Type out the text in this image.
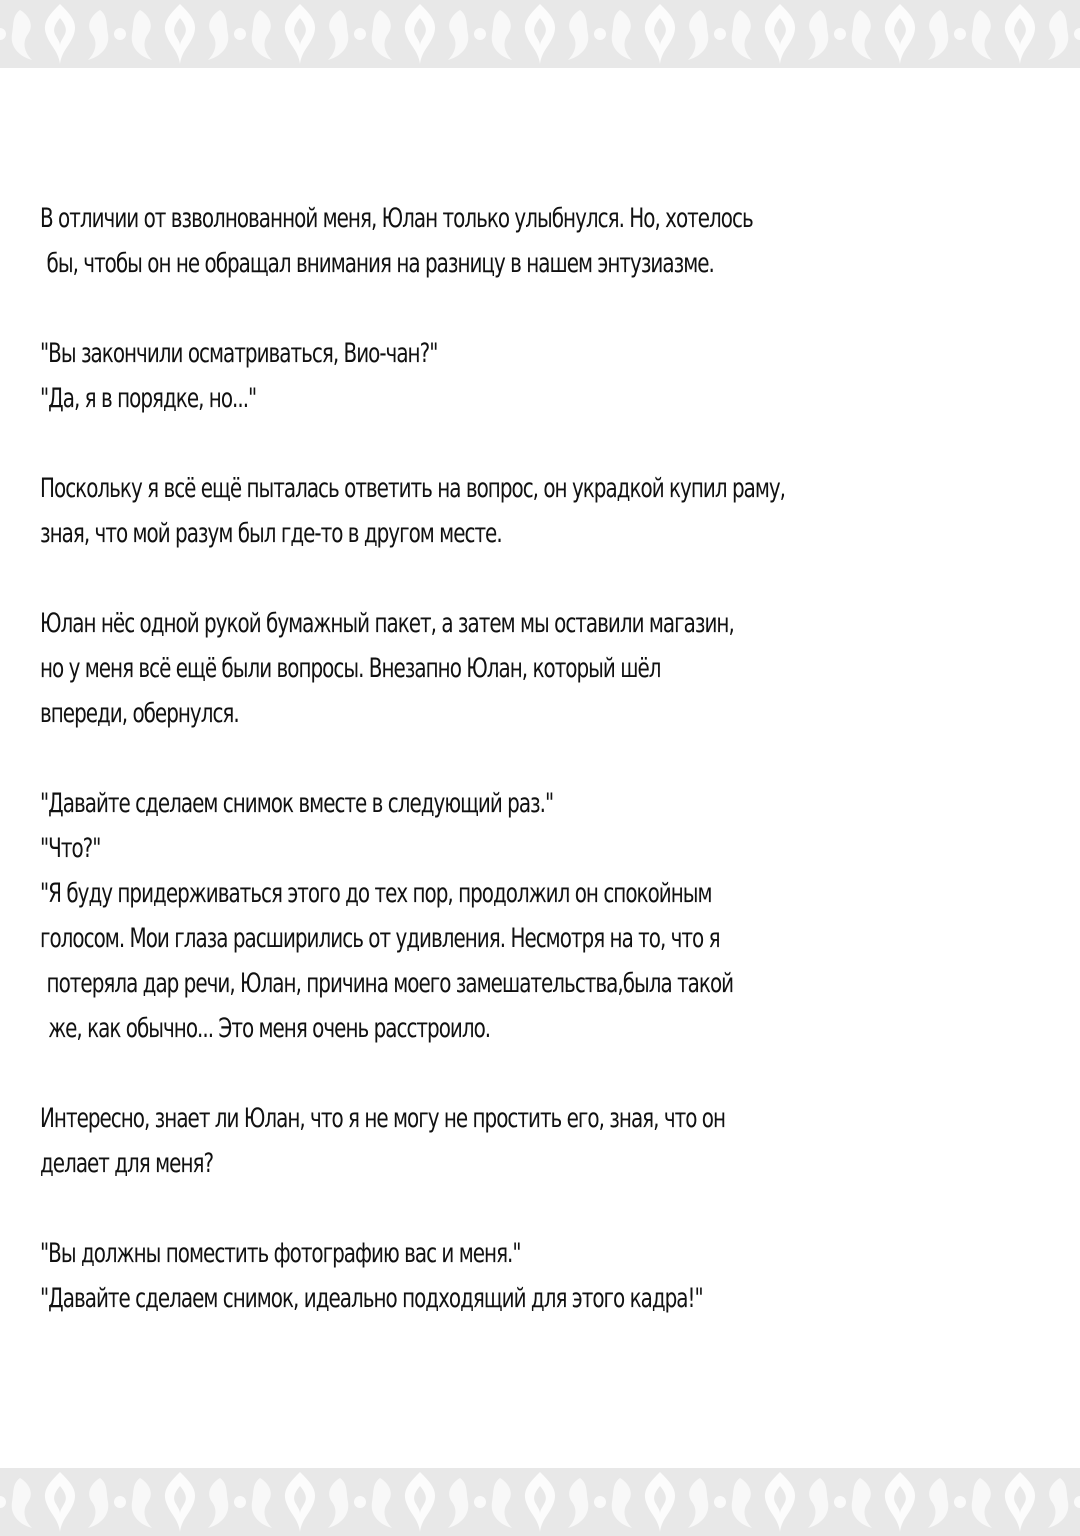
В отличии от взволнованной меня, Юлан только улыбнулся. Но, хотелось
бы, чтобы он не обращал внимания на разницу в нашем энтузиазме.
"Вы закончили осматриваться, Вио-чан?"
"Да, я в порядке, но..."
Поскольку я всё ещё пыталась ответить на вопрос, он украдкой купил раму,
зная, что мой разум был где-то в другом месте.
Юлан нёс одной рукой бумажный пакет, а затем мы оставили магазин,
но у меня всё ещё были вопросы. Внезапно Юлан, который шёл
впереди, обернулся.
"Давайте сделаем снимок вместе в следующий раз."
"Что?"
"Я буду придерживаться этого до тех пор, продолжил он спокойным
голосом. Мои глаза расширились от удивления. Несмотря на то, что я
потеряла дар речи, Юлан, причина моего замешательства,была такой
же, как обычно... Это меня очень расстроило.
Интересно, знает ли Юлан, что я не могу не простить его, зная, что он
делает для меня?
"Вы должны поместить фотографию вас и меня."
"Давайте сделаем снимок, идеально подходящий для этого кадра!"
